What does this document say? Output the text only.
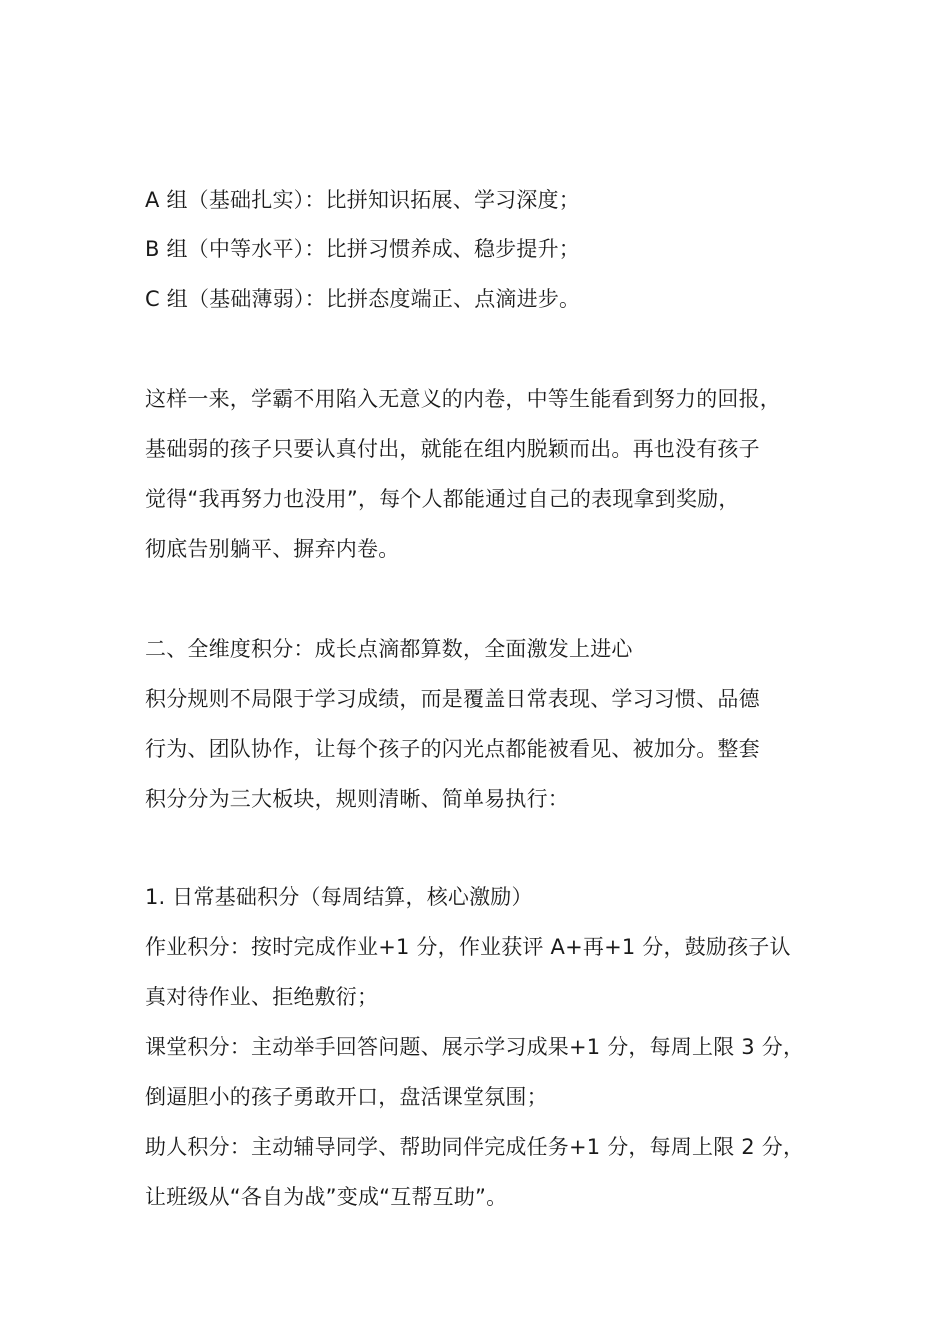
A 组（基础扎实）：比拼知识拓展、学习深度；
B 组（中等水平）：比拼习惯养成、稳步提升；
C 组（基础薄弱）：比拼态度端正、点滴进步。
这样一来，学霸不用陷入无意义的内卷，中等生能看到努力的回报，
基础弱的孩子只要认真付出，就能在组内脱颖而出。再也没有孩子
觉得“我再努力也没用”，每个人都能通过自己的表现拿到奖励，
彻底告别躺平、摒弃内卷。
二、全维度积分：成长点滴都算数，全面激发上进心
积分规则不局限于学习成绩，而是覆盖日常表现、学习习惯、品德
行为、团队协作，让每个孩子的闪光点都能被看见、被加分。整套
积分分为三大板块，规则清晰、简单易执行：
1. 日常基础积分（每周结算，核心激励）
作业积分：按时完成作业+1 分，作业获评 A+再+1 分，鼓励孩子认
真对待作业、拒绝敷衍；
课堂积分：主动举手回答问题、展示学习成果+1 分，每周上限 3 分，
倒逼胆小的孩子勇敢开口，盘活课堂氛围；
助人积分：主动辅导同学、帮助同伴完成任务+1 分，每周上限 2 分，
让班级从“各自为战”变成“互帮互助”。
